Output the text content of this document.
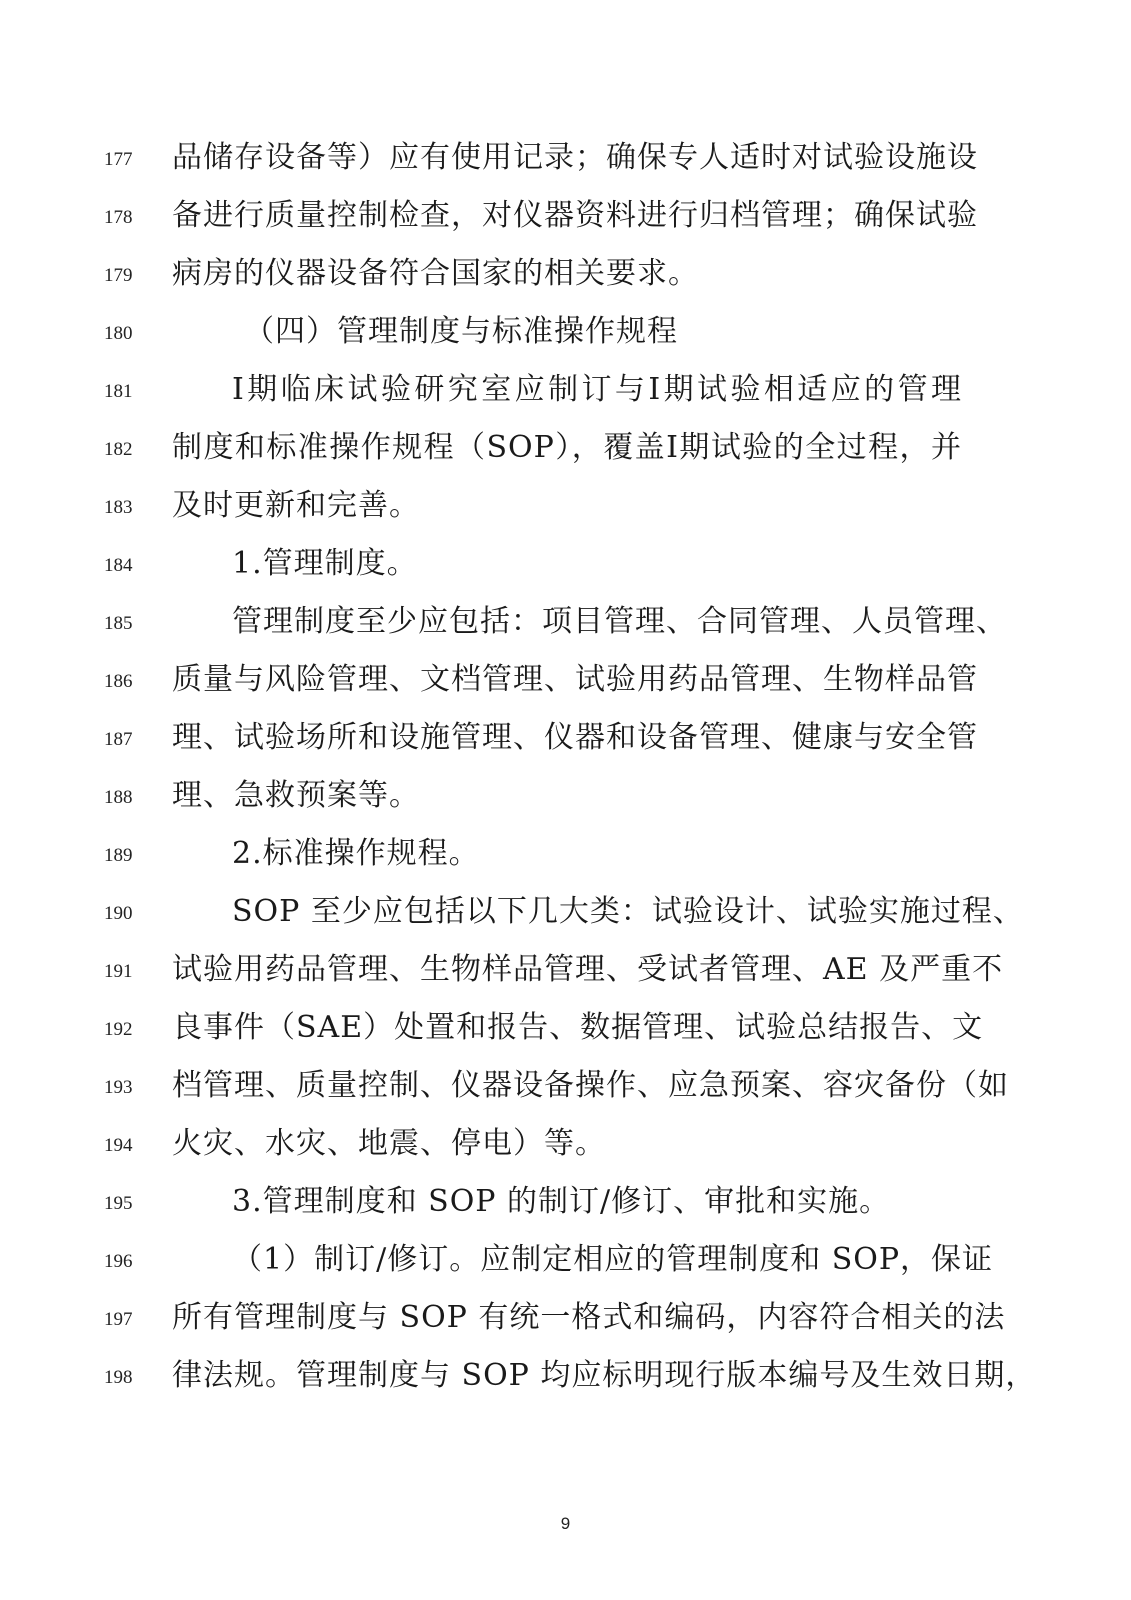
177	品储存设备等）应有使用记录；确保专人适时对试验设施设
178	备进行质量控制检查，对仪器资料进行归档管理；确保试验
179	病房的仪器设备符合国家的相关要求。
180	（四）管理制度与标准操作规程
181	Ⅰ期临床试验研究室应制订与Ⅰ期试验相适应的管理
182	制度和标准操作规程（SOP），覆盖Ⅰ期试验的全过程，并
183	及时更新和完善。
184	1.管理制度。
185	管理制度至少应包括：项目管理、合同管理、人员管理、
186	质量与风险管理、文档管理、试验用药品管理、生物样品管
187	理、试验场所和设施管理、仪器和设备管理、健康与安全管
188	理、急救预案等。
189	2.标准操作规程。
190	SOP 至少应包括以下几大类：试验设计、试验实施过程、
191	试验用药品管理、生物样品管理、受试者管理、AE 及严重不
192	良事件（SAE）处置和报告、数据管理、试验总结报告、文
193	档管理、质量控制、仪器设备操作、应急预案、容灾备份（如
194	火灾、水灾、地震、停电）等。
195	3.管理制度和 SOP 的制订/修订、审批和实施。
196	（1）制订/修订。应制定相应的管理制度和 SOP，保证
197	所有管理制度与 SOP 有统一格式和编码，内容符合相关的法
198	律法规。管理制度与 SOP 均应标明现行版本编号及生效日期，
9
